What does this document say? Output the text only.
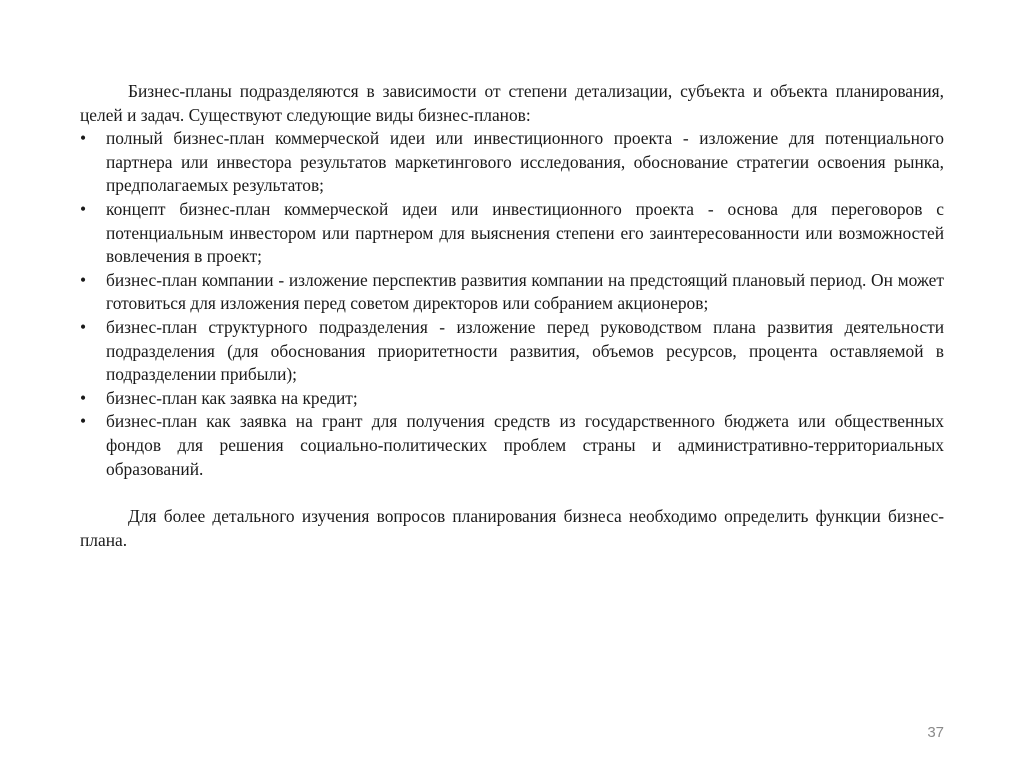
Бизнес-планы подразделяются в зависимости от степени детализации, субъекта и объекта планирования, целей и задач. Существуют следующие виды бизнес-планов:

• полный бизнес-план коммерческой идеи или инвестиционного проекта - изложение для потенциального партнера или инвестора результатов маркетингового исследования, обоснование стратегии освоения рынка, предполагаемых результатов;
• концепт бизнес-план коммерческой идеи или инвестиционного проекта - основа для переговоров с потенциальным инвестором или партнером для выяснения степени его заинтересованности или возможностей вовлечения в проект;
• бизнес-план компании - изложение перспектив развития компании на предстоящий плановый период. Он может готовиться для изложения перед советом директоров или собранием акционеров;
• бизнес-план структурного подразделения - изложение перед руководством плана развития деятельности подразделения (для обоснования приоритетности развития, объемов ресурсов, процента оставляемой в подразделении прибыли);
• бизнес-план как заявка на кредит;
• бизнес-план как заявка на грант для получения средств из государственного бюджета или общественных фондов для решения социально-политических проблем страны и административно-территориальных образований.

Для более детального изучения вопросов планирования бизнеса необходимо определить функции бизнес-плана.

37
